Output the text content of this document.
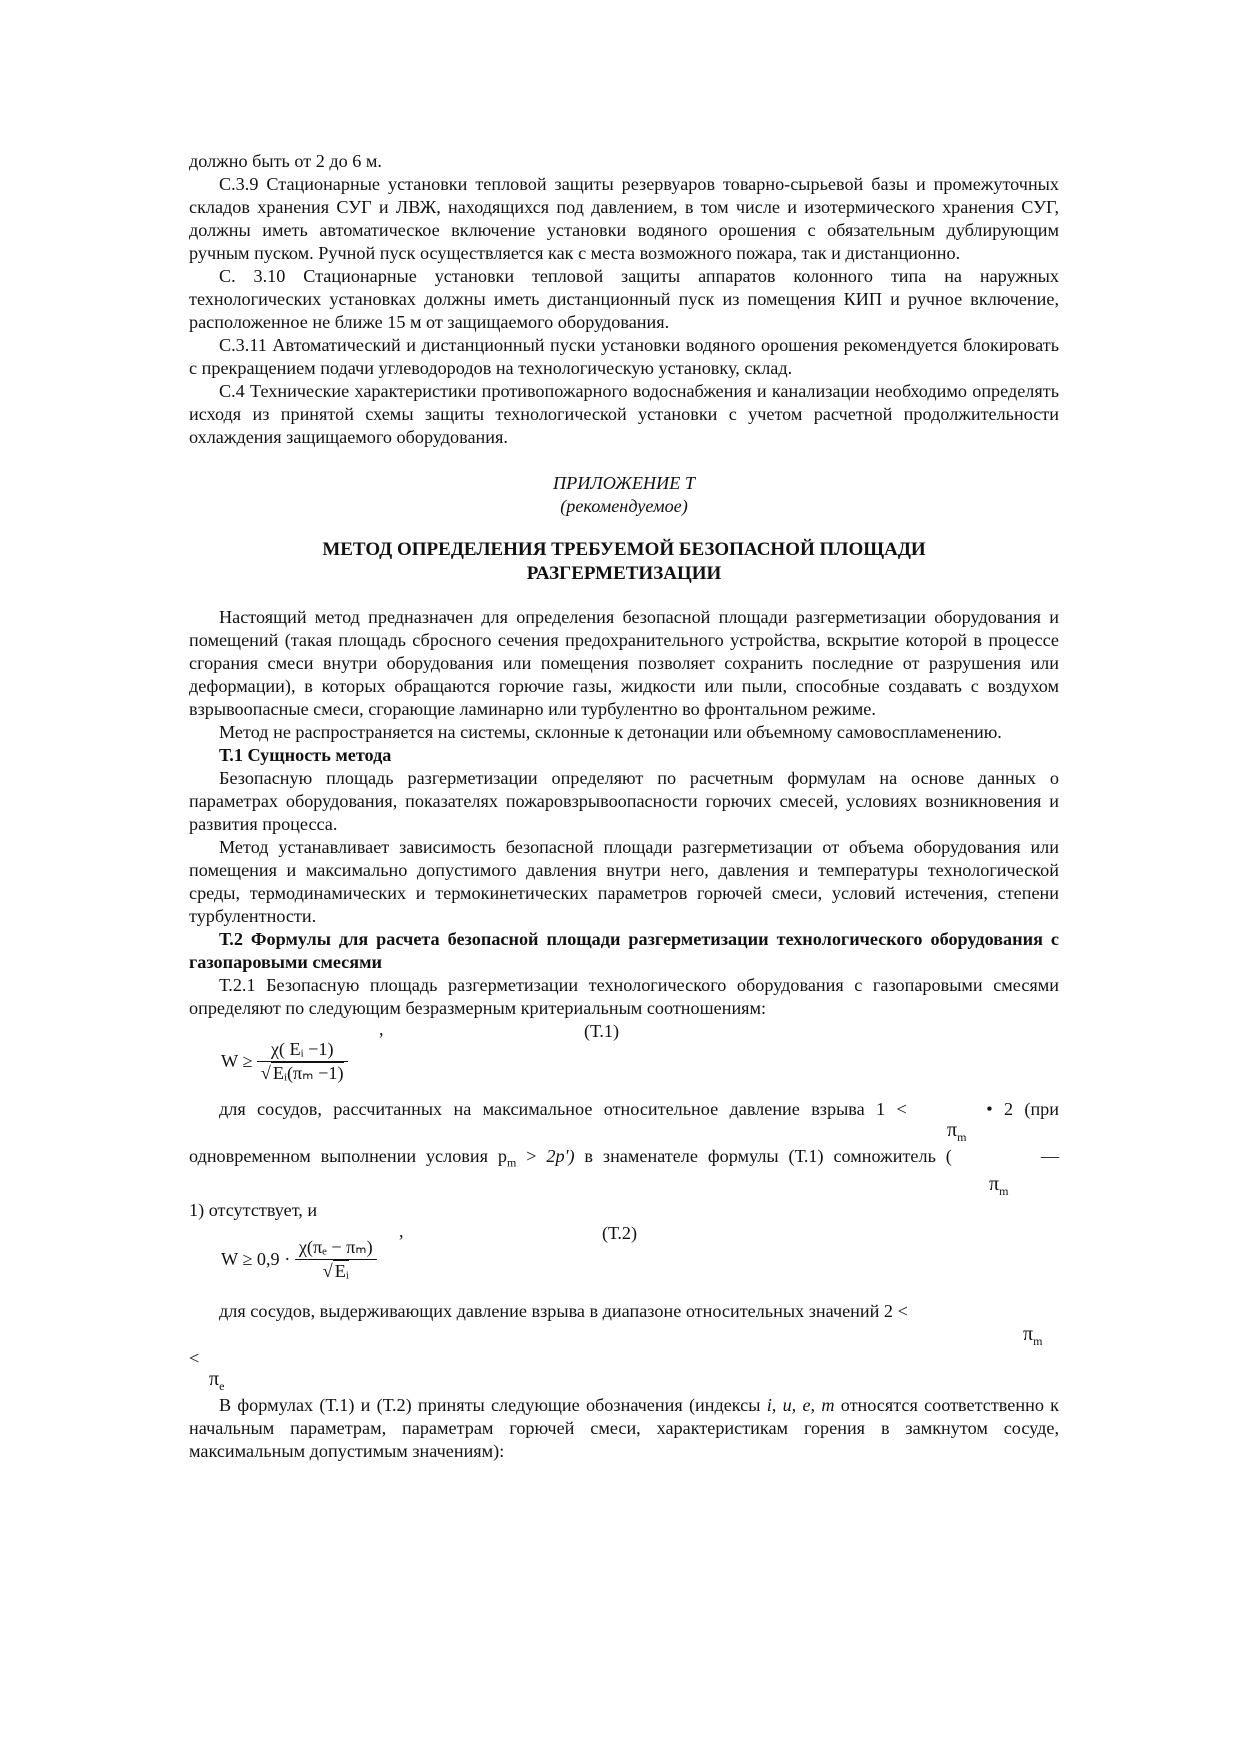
должно быть от 2 до 6 м.

С.3.9 Стационарные установки тепловой защиты резервуаров товарно-сырьевой базы и промежуточных складов хранения СУГ и ЛВЖ, находящихся под давлением, в том числе и изотермического хранения СУГ, должны иметь автоматическое включение установки водяного орошения с обязательным дублирующим ручным пуском. Ручной пуск осуществляется как с места возможного пожара, так и дистанционно.

С. 3.10 Стационарные установки тепловой защиты аппаратов колонного типа на наружных технологических установках должны иметь дистанционный пуск из помещения КИП и ручное включение, расположенное не ближе 15 м от защищаемого оборудования.

С.3.11 Автоматический и дистанционный пуски установки водяного орошения рекомендуется блокировать с прекращением подачи углеводородов на технологическую установку, склад.

С.4 Технические характеристики противопожарного водоснабжения и канализации необходимо определять исходя из принятой схемы защиты технологической установки с учетом расчетной продолжительности охлаждения защищаемого оборудования.

ПРИЛОЖЕНИЕ Т

(рекомендуемое)

МЕТОД ОПРЕДЕЛЕНИЯ ТРЕБУЕМОЙ БЕЗОПАСНОЙ ПЛОЩАДИ

РАЗГЕРМЕТИЗАЦИИ

Настоящий метод предназначен для определения безопасной площади разгерметизации оборудования и помещений (такая площадь сбросного сечения предохранительного устройства, вскрытие которой в процессе сгорания смеси внутри оборудования или помещения позволяет сохранить последние от разрушения или деформации), в которых обращаются горючие газы, жидкости или пыли, способные создавать с воздухом взрывоопасные смеси, сгорающие ламинарно или турбулентно во фронтальном режиме.

Метод не распространяется на системы, склонные к детонации или объемному самовоспламенению.

Т.1 Сущность метода

Безопасную площадь разгерметизации определяют по расчетным формулам на основе данных о параметрах оборудования, показателях пожаровзрывоопасности горючих смесей, условиях возникновения и развития процесса.

Метод устанавливает зависимость безопасной площади разгерметизации от объема оборудования или помещения и максимально допустимого давления внутри него, давления и температуры технологической среды, термодинамических и термокинетических параметров горючей смеси, условий истечения, степени турбулентности.

Т.2 Формулы для расчета безопасной площади разгерметизации технологического оборудования с газопаровыми смесями

Т.2.1 Безопасную площадь разгерметизации технологического оборудования с газопаровыми смесями определяют по следующим безразмерным критериальным соотношениям:

,	(Т.1)
$W \ge \frac{\text{χ( Eᵢ −1)}}{\text{√ Eᵢ(πₘ −1)}}$

для сосудов, рассчитанных на максимальное относительное давление взрыва 1 <	• 2 (при

$\pi_m$

одновременном выполнении условия $p_m > 2p'$) в знаменателе формулы (Т.1) сомножитель (	—

$\pi_m$

1) отсутствует, и

,	(Т.2)
$W \ge 0,9 \cdot \frac{\text{χ(πₑ − πₘ)}}{\text{√ Eᵢ}}$

для сосудов, выдерживающих давление взрыва в диапазоне относительных значений 2 <

$\pi_m$

<

$\pi_e$

В формулах (Т.1) и (Т.2) приняты следующие обозначения (индексы i, u, e, m относятся соответственно к начальным параметрам, параметрам горючей смеси, характеристикам горения в замкнутом сосуде, максимальным допустимым значениям):
